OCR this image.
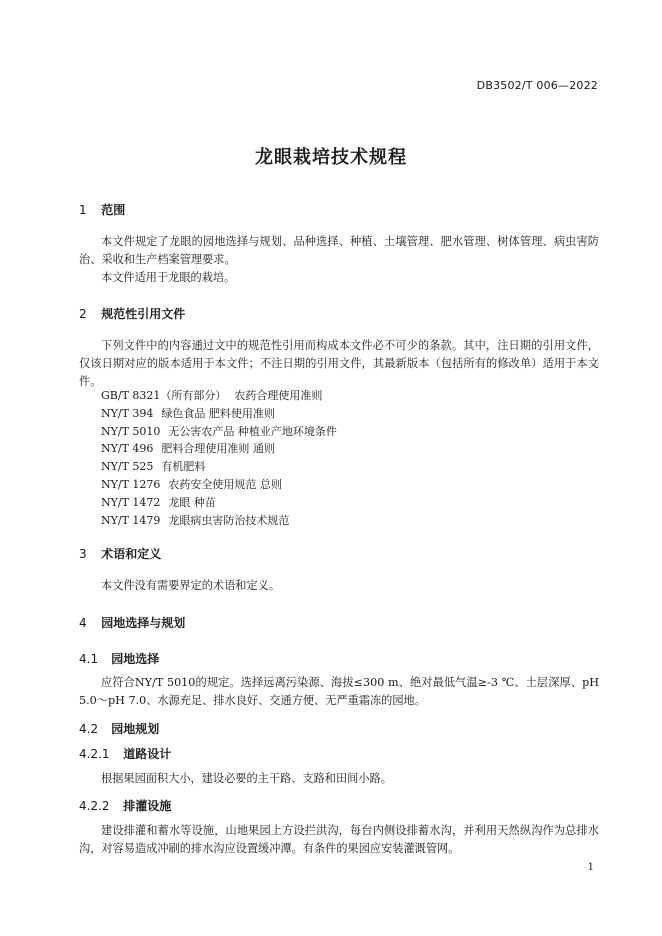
DB3502/T 006—2022
龙眼栽培技术规程
1 范围

本文件规定了龙眼的园地选择与规划、品种选择、种植、土壤管理、肥水管理、树体管理、病虫害防治、采收和生产档案管理要求。

本文件适用于龙眼的栽培。

2 规范性引用文件

下列文件中的内容通过文中的规范性引用而构成本文件必不可少的条款。其中，注日期的引用文件，仅该日期对应的版本适用于本文件；不注日期的引用文件，其最新版本（包括所有的修改单）适用于本文件。

GB/T 8321（所有部分） 农药合理使用准则
NY/T 394 绿色食品 肥料使用准则
NY/T 5010 无公害农产品 种植业产地环境条件
NY/T 496 肥料合理使用准则 通则
NY/T 525 有机肥料
NY/T 1276 农药安全使用规范 总则
NY/T 1472 龙眼 种苗
NY/T 1479 龙眼病虫害防治技术规范
3 术语和定义

本文件没有需要界定的术语和定义。

4 园地选择与规划
4.1 园地选择

应符合NY/T 5010的规定。选择远离污染源、海拔≤300 m、绝对最低气温≥-3 ℃、土层深厚、pH 5.0～pH 7.0、水源充足、排水良好、交通方便、无严重霜冻的园地。

4.2 园地规划
4.2.1 道路设计

根据果园面积大小，建设必要的主干路、支路和田间小路。

4.2.2 排灌设施

建设排灌和蓄水等设施，山地果园上方设拦洪沟，每台内侧设排蓄水沟，并利用天然纵沟作为总排水沟，对容易造成冲刷的排水沟应设置缓冲潭。有条件的果园应安装灌溉管网。

1
